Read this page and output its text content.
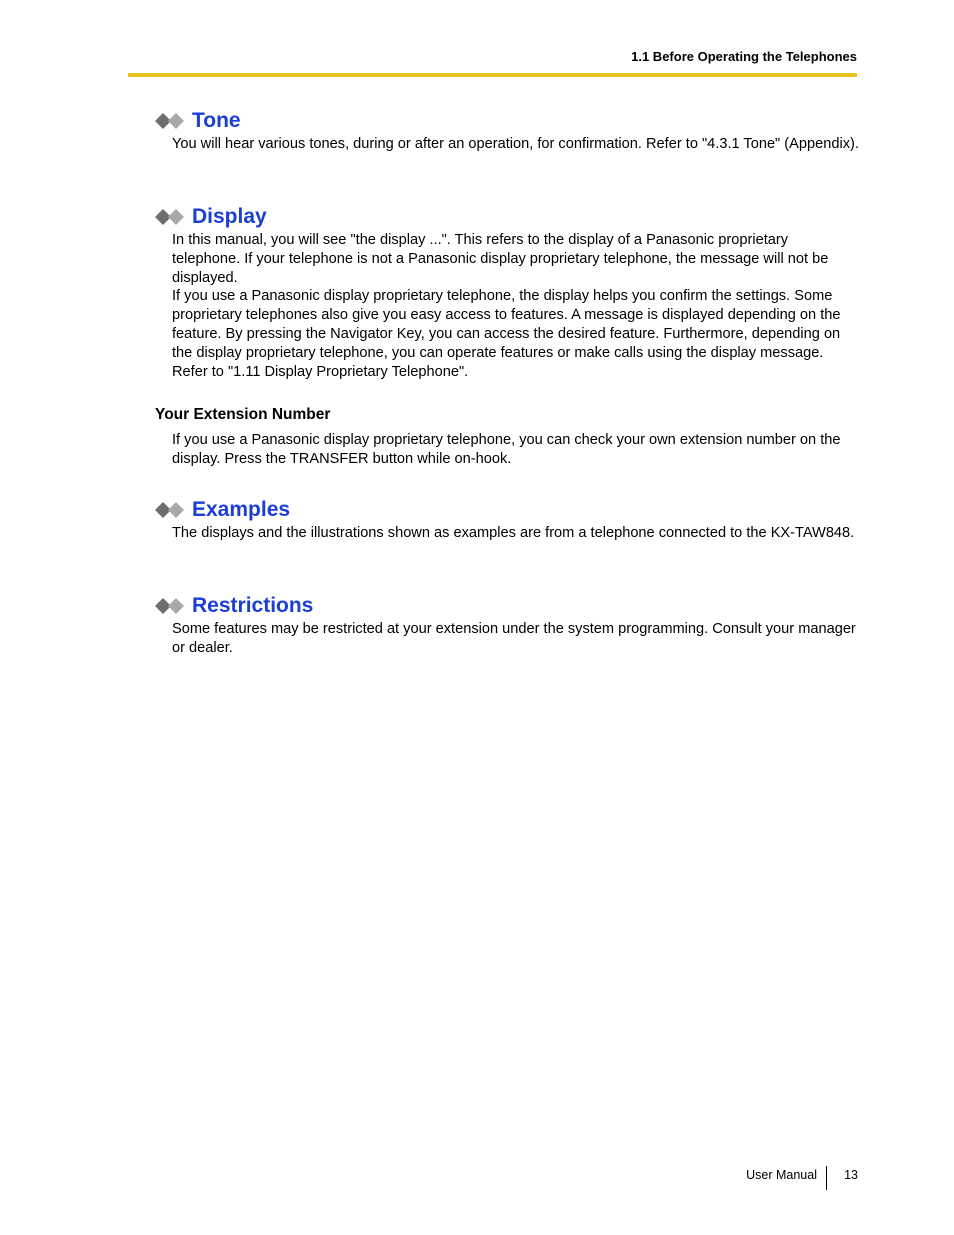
1.1 Before Operating the Telephones
Tone

You will hear various tones, during or after an operation, for confirmation. Refer to "4.3.1 Tone" (Appendix).

Display

In this manual, you will see "the display ...". This refers to the display of a Panasonic proprietary telephone. If your telephone is not a Panasonic display proprietary telephone, the message will not be displayed.

If you use a Panasonic display proprietary telephone, the display helps you confirm the settings. Some proprietary telephones also give you easy access to features. A message is displayed depending on the feature. By pressing the Navigator Key, you can access the desired feature. Furthermore, depending on the display proprietary telephone, you can operate features or make calls using the display message. Refer to "1.11 Display Proprietary Telephone".

Your Extension Number

If you use a Panasonic display proprietary telephone, you can check your own extension number on the display. Press the TRANSFER button while on-hook.

Examples

The displays and the illustrations shown as examples are from a telephone connected to the KX-TAW848.

Restrictions

Some features may be restricted at your extension under the system programming. Consult your manager or dealer.

User Manual 13
